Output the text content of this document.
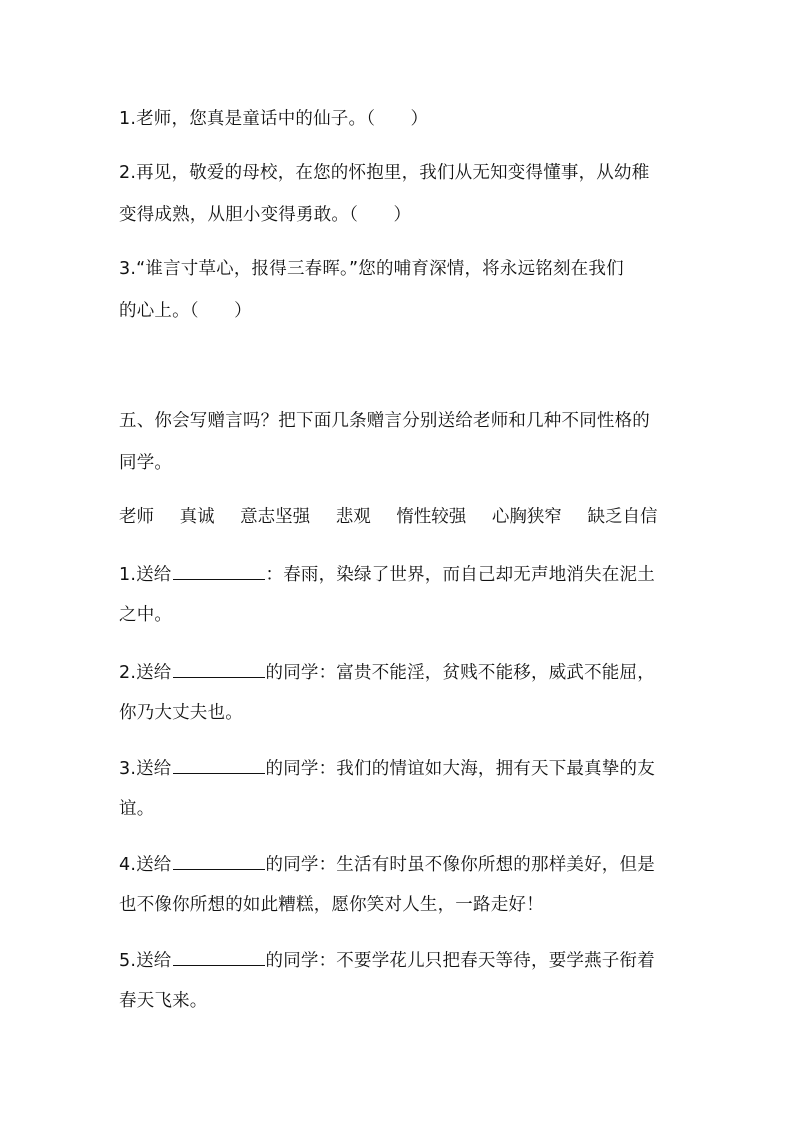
1.老师，您真是童话中的仙子。（　　）
2.再见，敬爱的母校，在您的怀抱里，我们从无知变得懂事，从幼稚
变得成熟，从胆小变得勇敢。（　　）
3.“谁言寸草心，报得三春晖。”您的哺育深情，将永远铭刻在我们
的心上。（　　）
五、你会写赠言吗？把下面几条赠言分别送给老师和几种不同性格的
同学。
老师 真诚 意志坚强 悲观 惰性较强 心胸狭窄 缺乏自信
1.送给	：春雨，染绿了世界，而自己却无声地消失在泥土
之中。
2.送给	的同学：富贵不能淫，贫贱不能移，威武不能屈，
你乃大丈夫也。
3.送给	的同学：我们的情谊如大海，拥有天下最真挚的友
谊。
4.送给	的同学：生活有时虽不像你所想的那样美好，但是
也不像你所想的如此糟糕，愿你笑对人生，一路走好！
5.送给	的同学：不要学花儿只把春天等待，要学燕子衔着
春天飞来。
